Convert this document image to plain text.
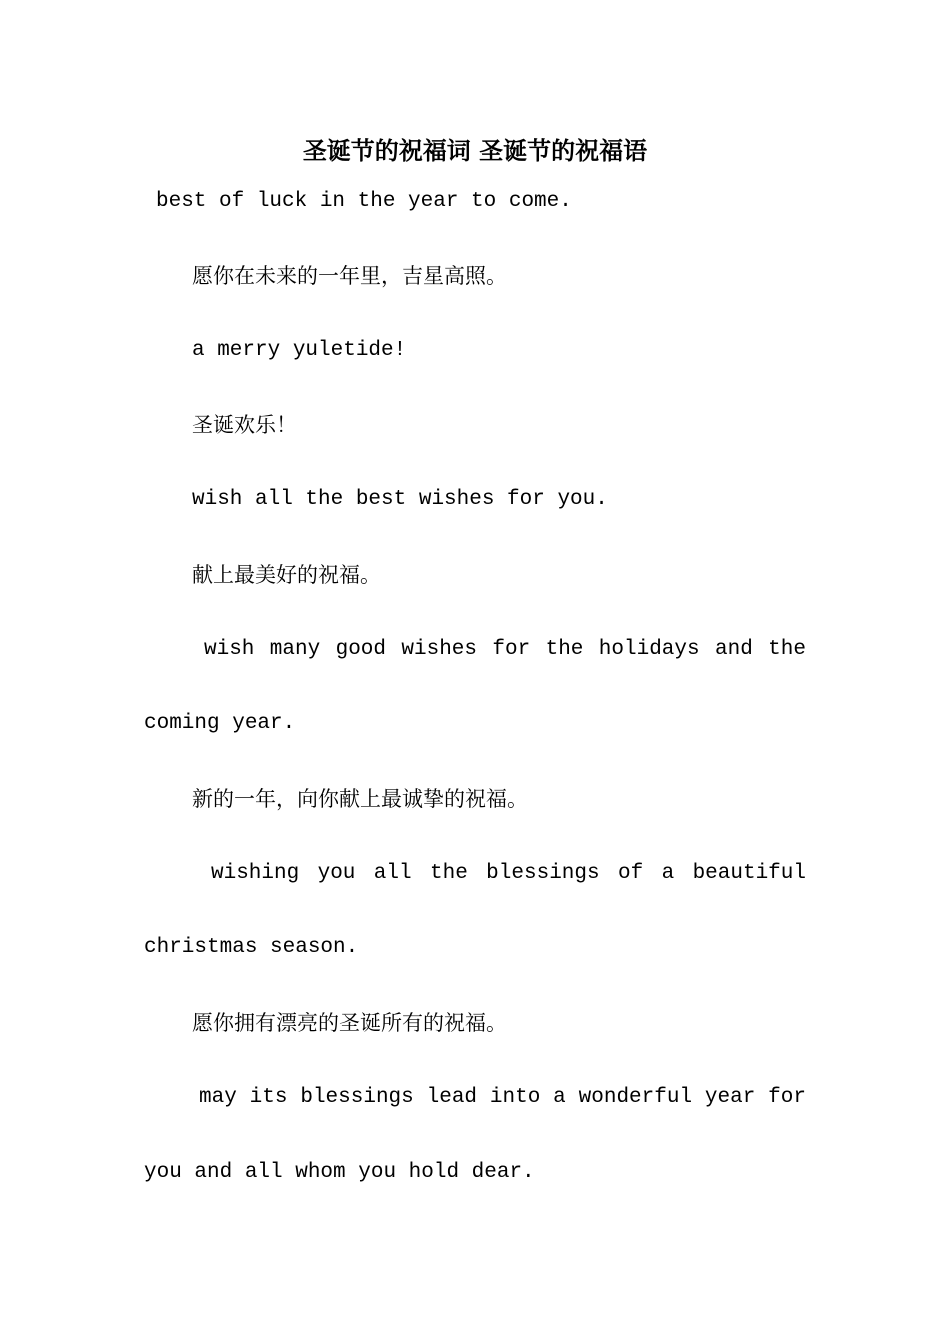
圣诞节的祝福词 圣诞节的祝福语

best of luck in the year to come.

愿你在未来的一年里，吉星高照。

a merry yuletide!

圣诞欢乐！

wish all the best wishes for you.

献上最美好的祝福。

wish many good wishes for the holidays and the

coming year.

新的一年，向你献上最诚挚的祝福。

wishing you all the blessings of a beautiful

christmas season.

愿你拥有漂亮的圣诞所有的祝福。

may its blessings lead into a wonderful year for

you and all whom you hold dear.
